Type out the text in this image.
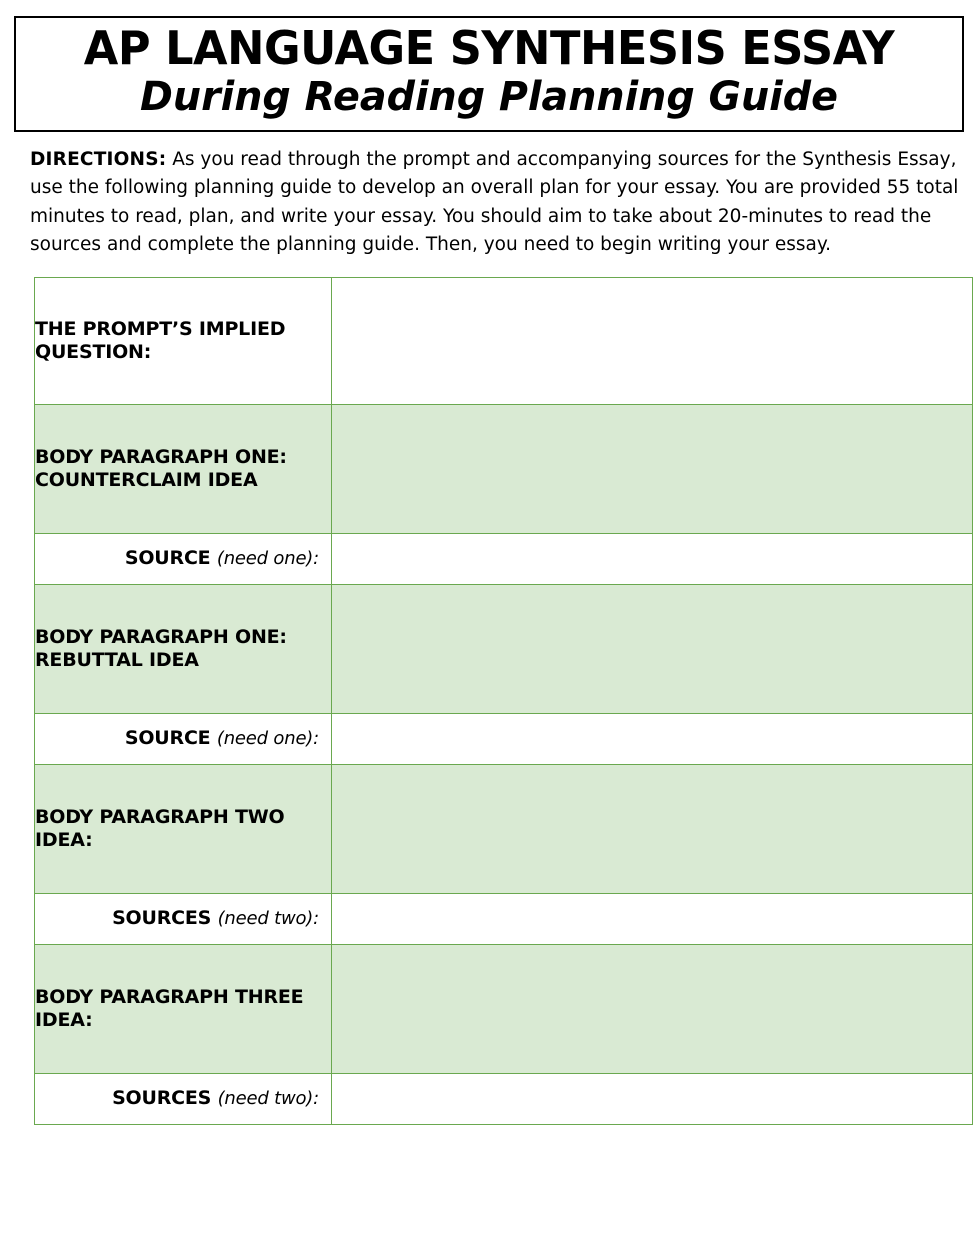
AP LANGUAGE SYNTHESIS ESSAY
During Reading Planning Guide
DIRECTIONS: As you read through the prompt and accompanying sources for the Synthesis Essay, use the following planning guide to develop an overall plan for your essay. You are provided 55 total minutes to read, plan, and write your essay. You should aim to take about 20-minutes to read the sources and complete the planning guide. Then, you need to begin writing your essay.
THE PROMPT’S IMPLIED QUESTION:	
BODY PARAGRAPH ONE: COUNTERCLAIM IDEA	
SOURCE (need one):	
BODY PARAGRAPH ONE: REBUTTAL IDEA	
SOURCE (need one):	
BODY PARAGRAPH TWO IDEA:	
SOURCES (need two):	
BODY PARAGRAPH THREE IDEA:	
SOURCES (need two):	
